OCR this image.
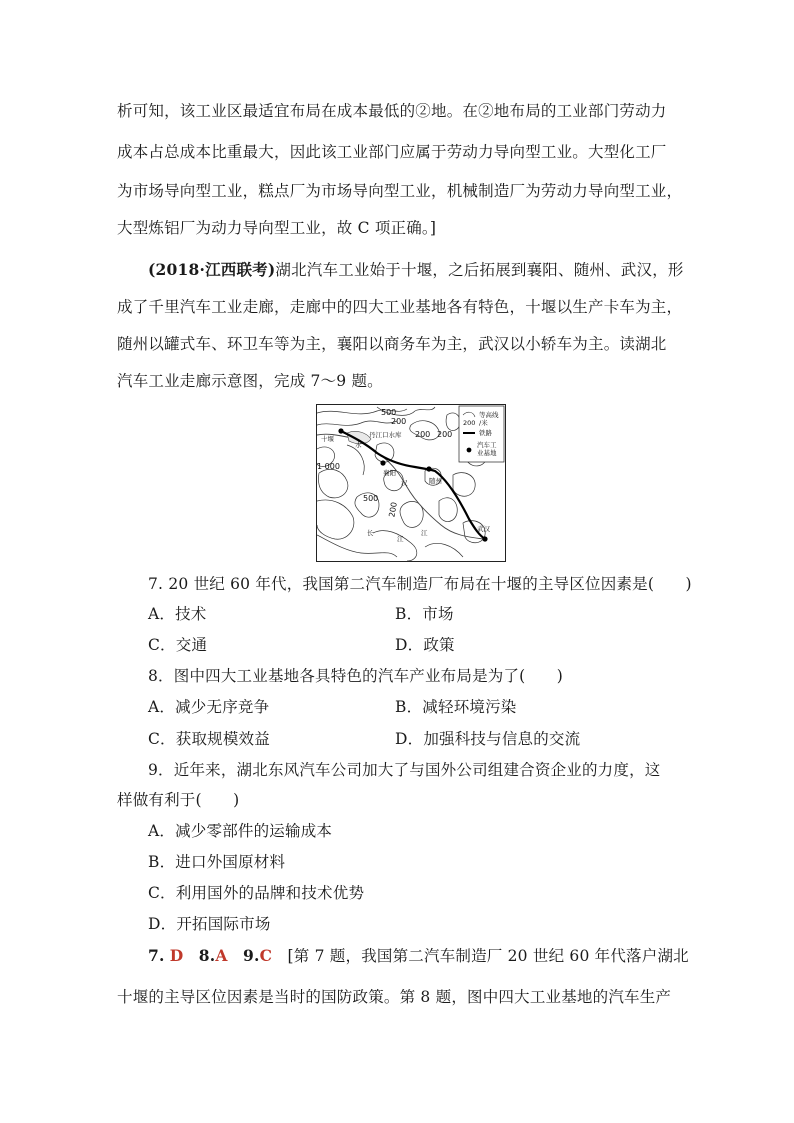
析可知，该工业区最适宜布局在成本最低的②地。在②地布局的工业部门劳动力
成本占总成本比重最大，因此该工业部门应属于劳动力导向型工业。大型化工厂
为市场导向型工业，糕点厂为市场导向型工业，机械制造厂为劳动力导向型工业，
大型炼铝厂为动力导向型工业，故 C 项正确。]
(2018·江西联考)湖北汽车工业始于十堰，之后拓展到襄阳、随州、武汉，形
成了千里汽车工业走廊，走廊中的四大工业基地各有特色，十堰以生产卡车为主，
随州以罐式车、环卫车等为主，襄阳以商务车为主，武汉以小轿车为主。读湖北
汽车工业走廊示意图，完成 7～9 题。
500
200
200
200
1 000
500
200
十堰	丹江口水库
襄阳
随州
武汉
汉
水
长
江
江
200
等高线
/米
铁路
汽车工
业基地
7. 20 世纪 60 年代，我国第二汽车制造厂布局在十堰的主导区位因素是(　　)
A．技术	B．市场
C．交通	D．政策
8．图中四大工业基地各具特色的汽车产业布局是为了(　　)
A．减少无序竞争	B．减轻环境污染
C．获取规模效益	D．加强科技与信息的交流
9．近年来，湖北东风汽车公司加大了与国外公司组建合资企业的力度，这
样做有利于(　　)
A．减少零部件的运输成本
B．进口外国原材料
C．利用国外的品牌和技术优势
D．开拓国际市场
7. D 8.A 9.C [第 7 题，我国第二汽车制造厂 20 世纪 60 年代落户湖北
十堰的主导区位因素是当时的国防政策。第 8 题，图中四大工业基地的汽车生产
